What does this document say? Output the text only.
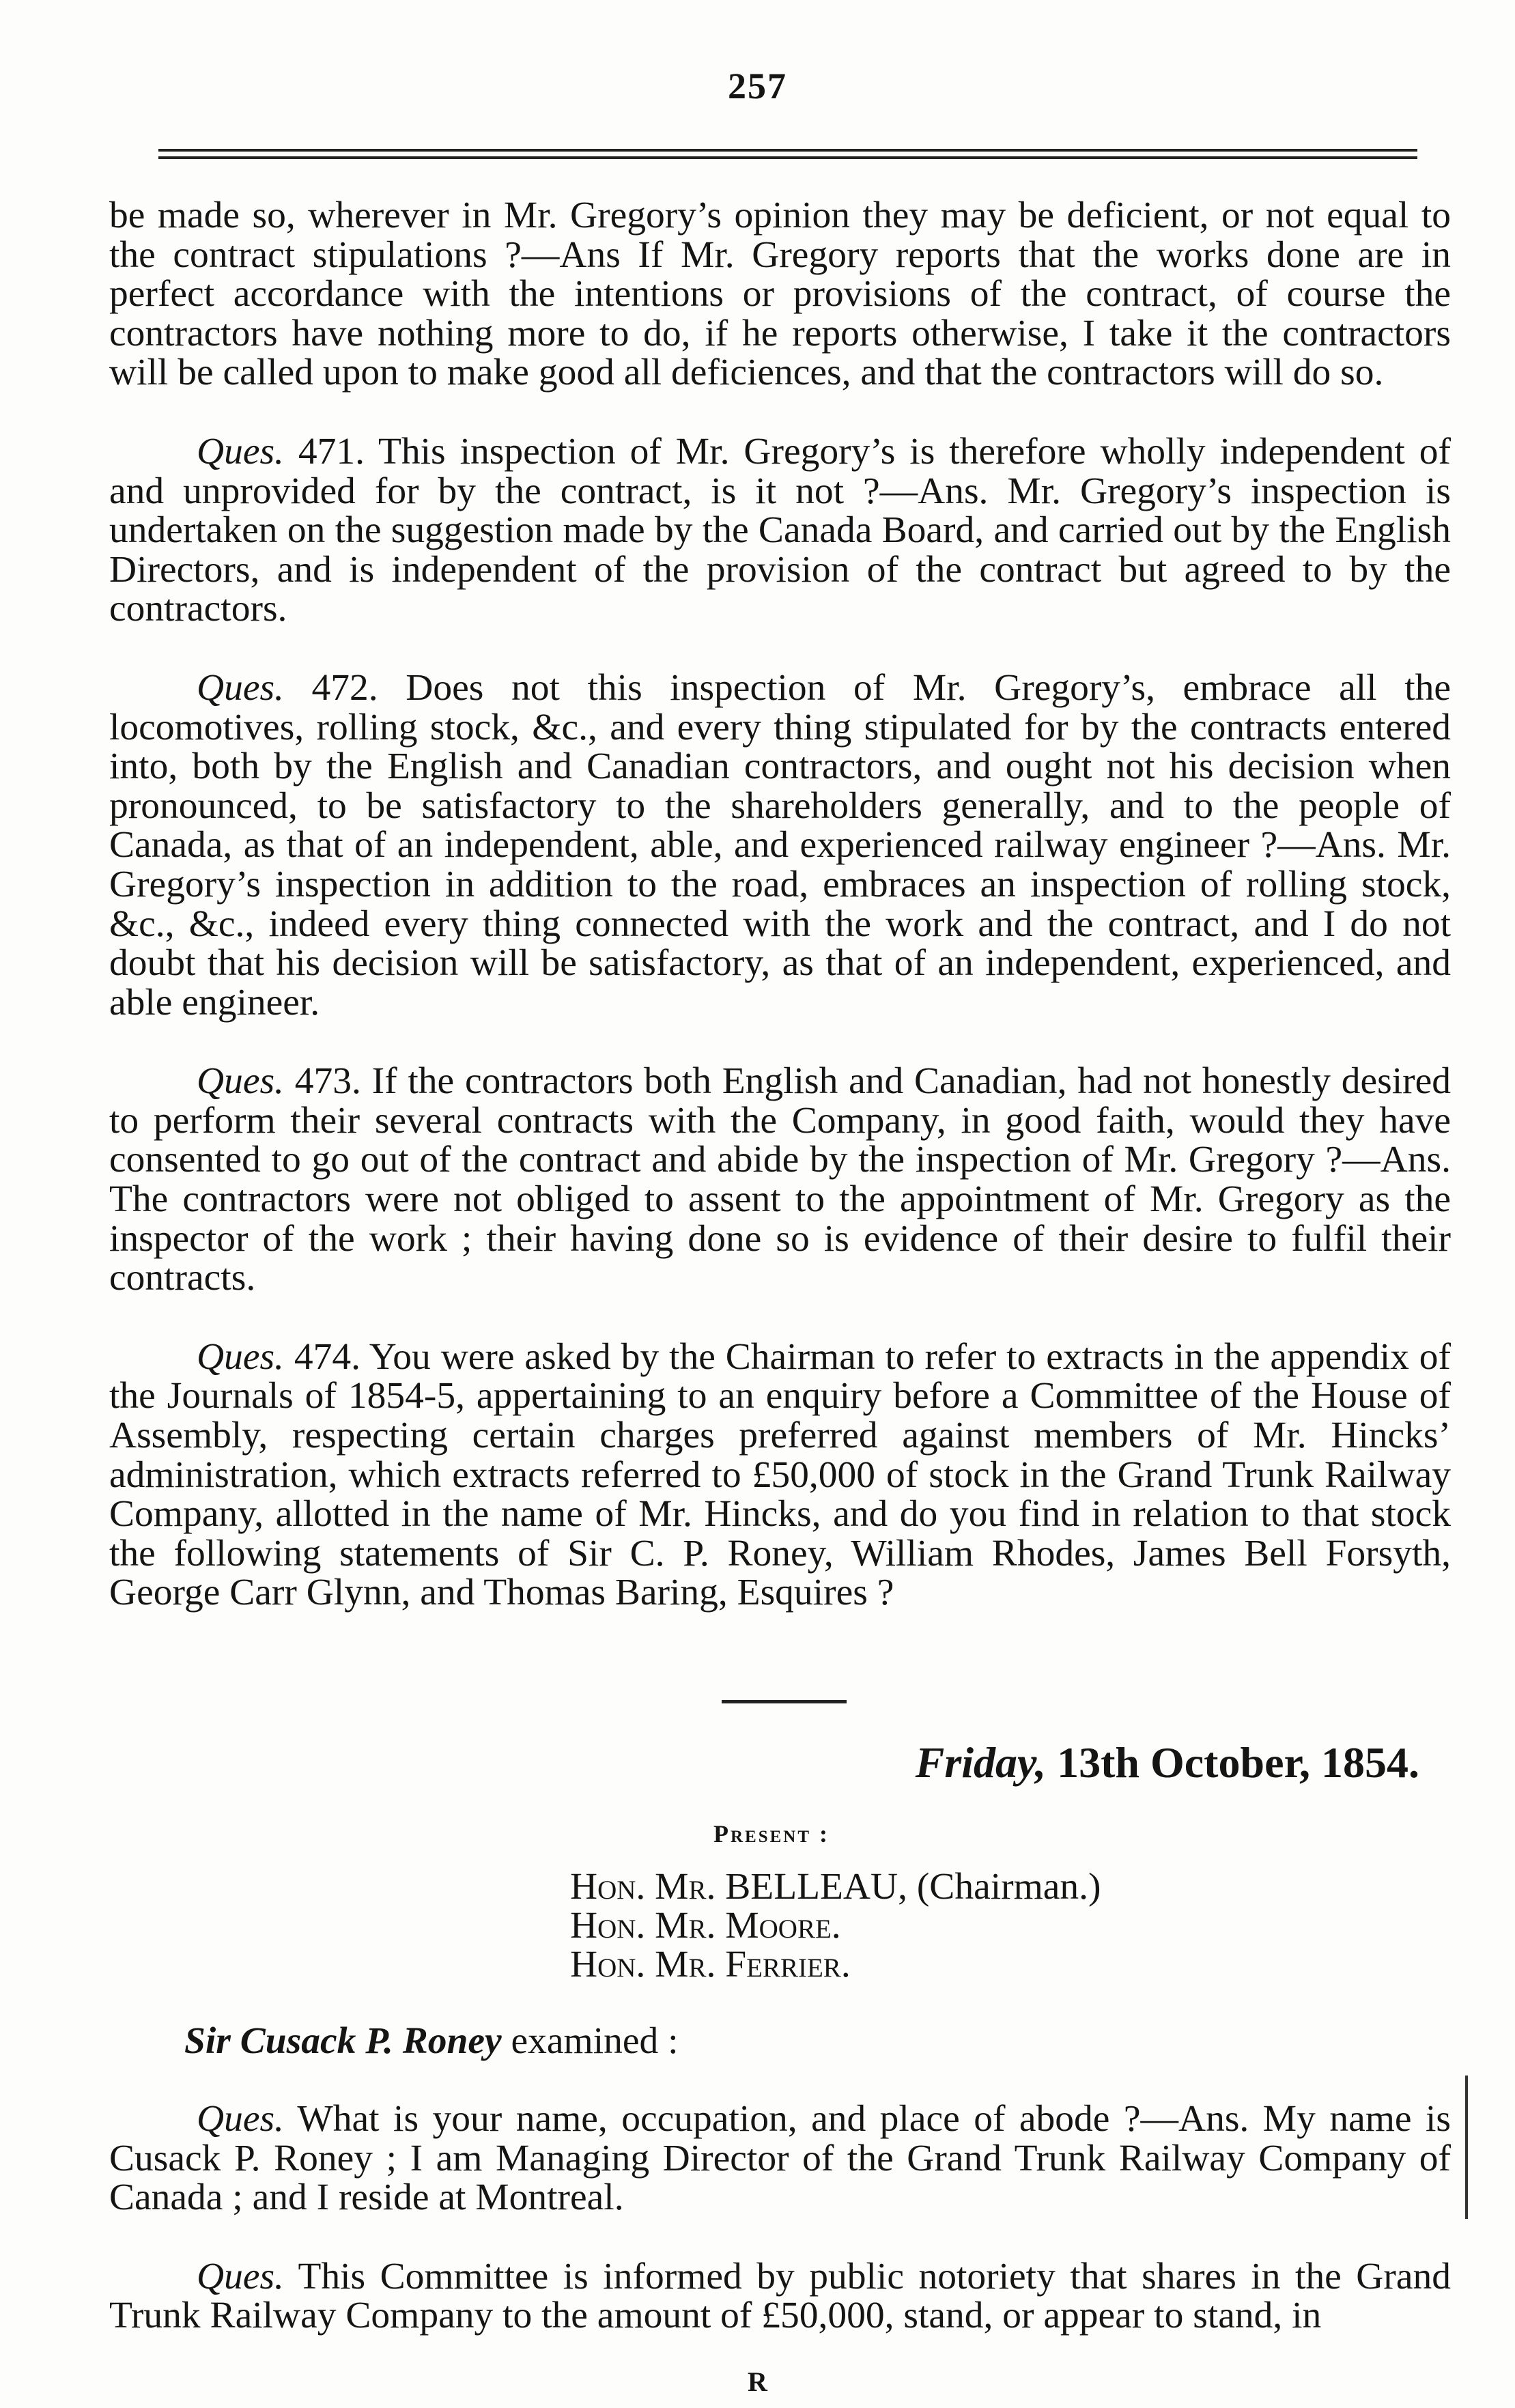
257

be made so, wherever in Mr. Gregory’s opinion they may be deficient, or not equal to the contract stipulations ?—Ans If Mr. Gregory reports that the works done are in perfect accordance with the intentions or provisions of the contract, of course the contractors have nothing more to do, if he reports otherwise, I take it the contractors will be called upon to make good all deficiences, and that the contractors will do so.

Ques. 471. This inspection of Mr. Gregory’s is therefore wholly independent of and unprovided for by the contract, is it not ?—Ans. Mr. Gregory’s inspection is undertaken on the suggestion made by the Canada Board, and carried out by the English Directors, and is independent of the provision of the contract but agreed to by the contractors.

Ques. 472. Does not this inspection of Mr. Gregory’s, embrace all the locomotives, rolling stock, &c., and every thing stipulated for by the contracts entered into, both by the English and Canadian contractors, and ought not his decision when pronounced, to be satisfactory to the shareholders generally, and to the people of Canada, as that of an independent, able, and experienced railway engineer ?—Ans. Mr. Gregory’s inspection in addition to the road, embraces an inspection of rolling stock, &c., &c., indeed every thing connected with the work and the contract, and I do not doubt that his decision will be satisfactory, as that of an independent, experienced, and able engineer.

Ques. 473. If the contractors both English and Canadian, had not honestly desired to perform their several contracts with the Company, in good faith, would they have consented to go out of the contract and abide by the inspection of Mr. Gregory ?—Ans. The contractors were not obliged to assent to the appointment of Mr. Gregory as the inspector of the work ; their having done so is evidence of their desire to fulfil their contracts.

Ques. 474. You were asked by the Chairman to refer to extracts in the appendix of the Journals of 1854-5, appertaining to an enquiry before a Committee of the House of Assembly, respecting certain charges preferred against members of Mr. Hincks’ administration, which extracts referred to £50,000 of stock in the Grand Trunk Railway Company, allotted in the name of Mr. Hincks, and do you find in relation to that stock the following statements of Sir C. P. Roney, William Rhodes, James Bell Forsyth, George Carr Glynn, and Thomas Baring, Esquires ?

Friday, 13th October, 1854.
Present :
Hon. Mr. BELLEAU, (Chairman.)
Hon. Mr. Moore.
Hon. Mr. Ferrier.
Sir Cusack P. Roney examined :

Ques. What is your name, occupation, and place of abode ?—Ans. My name is Cusack P. Roney ; I am Managing Director of the Grand Trunk Railway Company of Canada ; and I reside at Montreal.

Ques. This Committee is informed by public notoriety that shares in the Grand Trunk Railway Company to the amount of £50,000, stand, or appear to stand, in

R
